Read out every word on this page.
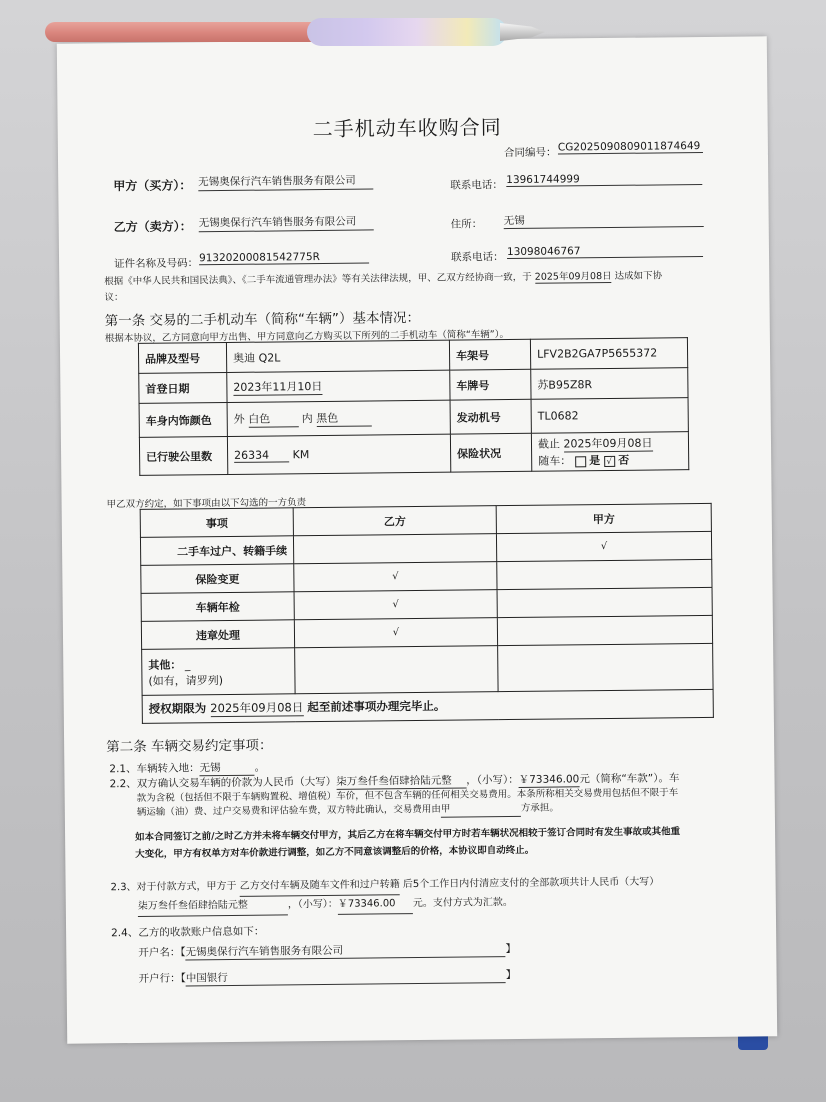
二手机动车收购合同
合同编号： CG2025090809011874649
甲方（买方）： 无锡奥保行汽车销售服务有限公司	联系电话： 13961744999
乙方（卖方）： 无锡奥保行汽车销售服务有限公司	住所： 无锡
证件名称及号码： 91320200081542775R	联系电话： 13098046767
根据《中华人民共和国民法典》、《二手车流通管理办法》等有关法律法规，甲、乙双方经协商一致，于 2025年09月08日 达成如下协
议：
第一条 交易的二手机动车（简称“车辆”）基本情况：
根据本协议，乙方同意向甲方出售、甲方同意向乙方购买以下所列的二手机动车（简称“车辆”）。
品牌及型号	奥迪 Q2L	车架号	LFV2B2GA7P5655372
首登日期	2023年11月10日	车牌号	苏B95Z8R
车身内饰颜色	外 白色 内 黑色	发动机号	TL0682
已行驶公里数	26334 KM	保险状况	截止 2025年09月08日
随车： 是 √ 否
甲乙双方约定，如下事项由以下勾选的一方负责
事项	乙方	甲方
二手车过户、转籍手续		√
保险变更	√	
车辆年检	√	
违章处理	√	

其他： _
(如有，请罗列)		

授权期限为 2025年09月08日 起至前述事项办理完毕止。		
第二条 车辆交易约定事项：
2.1、车辆转入地：无锡	。
2.2、双方确认交易车辆的价款为人民币（大写）柒万叁仟叁佰肆拾陆元整 ，（小写）：￥73346.00元（简称“车款”）。车
款为含税（包括但不限于车辆购置税、增值税）车价，但不包含车辆的任何相关交易费用。本条所称相关交易费用包括但不限于车
辆运输（油）费、过户交易费和评估验车费，双方特此确认，交易费用由甲	方承担。
如本合同签订之前/之时乙方并未将车辆交付甲方，其后乙方在将车辆交付甲方时若车辆状况相较于签订合同时有发生事故或其他重
大变化，甲方有权单方对车价款进行调整，如乙方不同意该调整后的价格，本协议即自动终止。
2.3、对于付款方式，甲方于 乙方交付车辆及随车文件和过户转籍 后5个工作日内付清应支付的全部款项共计人民币（大写）
柒万叁仟叁佰肆拾陆元整	，（小写）：￥73346.00 元。支付方式为汇款。
2.4、乙方的收款账户信息如下：
开户名：【无锡奥保行汽车销售服务有限公司	】
开户行：【中国银行	】
